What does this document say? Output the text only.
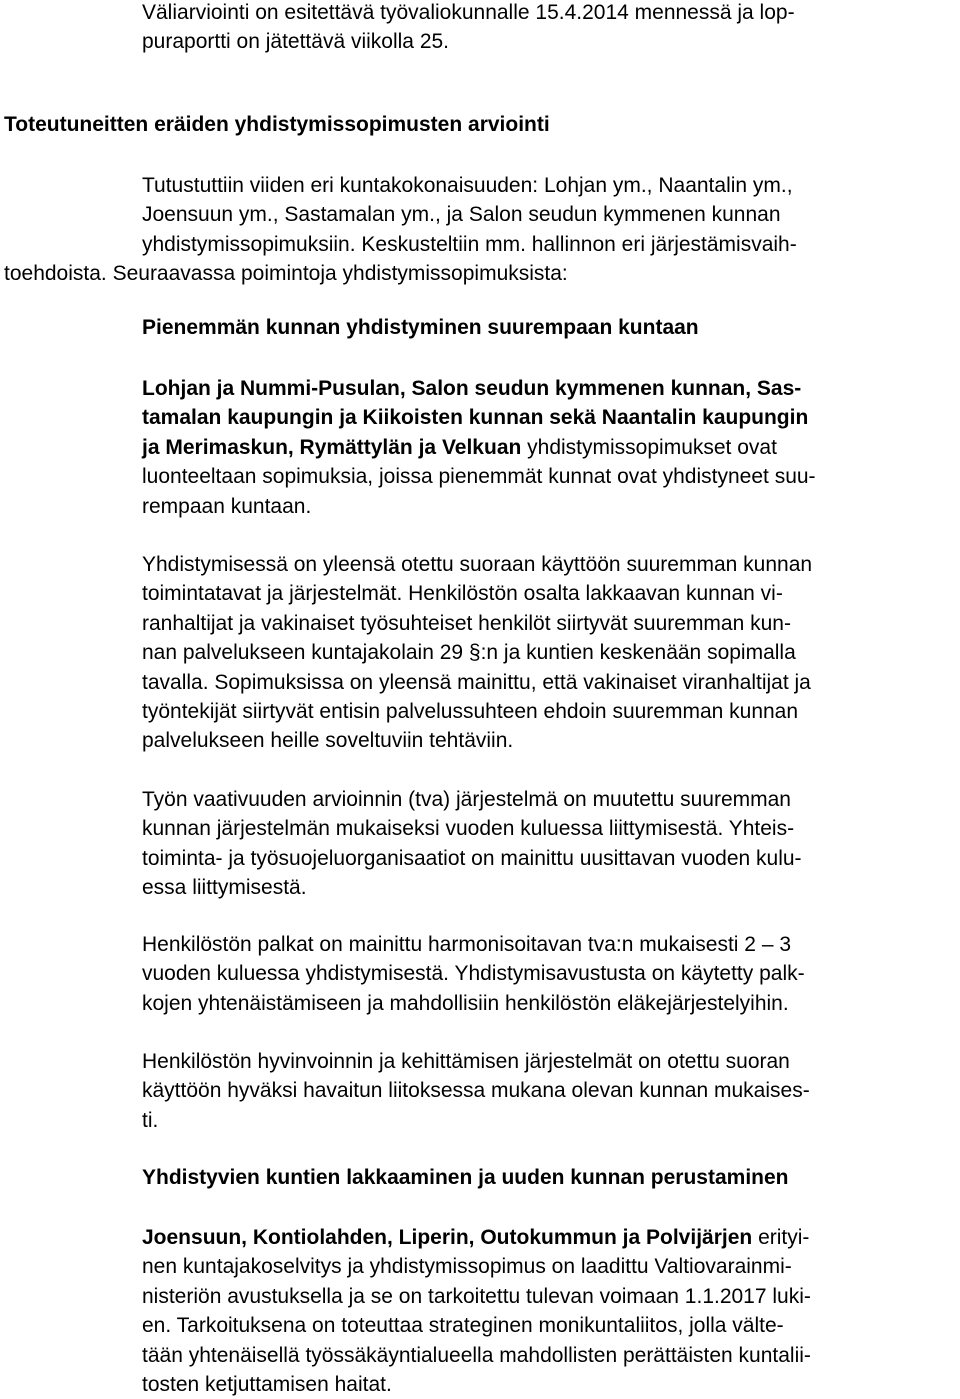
Väliarviointi on esitettävä työvaliokunnalle 15.4.2014 mennessä ja lop-
puraportti on jätettävä viikolla 25.
Toteutuneitten eräiden yhdistymissopimusten arviointi
Tutustuttiin viiden eri kuntakokonaisuuden: Lohjan ym., Naantalin ym.,
Joensuun ym., Sastamalan ym., ja Salon seudun kymmenen kunnan
yhdistymissopimuksiin. Keskusteltiin mm. hallinnon eri järjestämisvaih-
toehdoista. Seuraavassa poimintoja yhdistymissopimuksista:
Pienemmän kunnan yhdistyminen suurempaan kuntaan
Lohjan ja Nummi-Pusulan, Salon seudun kymmenen kunnan, Sas-
tamalan kaupungin ja Kiikoisten kunnan sekä Naantalin kaupungin
ja Merimaskun, Rymättylän ja Velkuan yhdistymissopimukset ovat
luonteeltaan sopimuksia, joissa pienemmät kunnat ovat yhdistyneet suu-
rempaan kuntaan.
Yhdistymisessä on yleensä otettu suoraan käyttöön suuremman kunnan
toimintatavat ja järjestelmät. Henkilöstön osalta lakkaavan kunnan vi-
ranhaltijat ja vakinaiset työsuhteiset henkilöt siirtyvät suuremman kun-
nan palvelukseen kuntajakolain 29 §:n ja kuntien keskenään sopimalla
tavalla. Sopimuksissa on yleensä mainittu, että vakinaiset viranhaltijat ja
työntekijät siirtyvät entisin palvelussuhteen ehdoin suuremman kunnan
palvelukseen heille soveltuviin tehtäviin.
Työn vaativuuden arvioinnin (tva) järjestelmä on muutettu suuremman
kunnan järjestelmän mukaiseksi vuoden kuluessa liittymisestä. Yhteis-
toiminta- ja työsuojeluorganisaatiot on mainittu uusittavan vuoden kulu-
essa liittymisestä.
Henkilöstön palkat on mainittu harmonisoitavan tva:n mukaisesti 2 – 3
vuoden kuluessa yhdistymisestä. Yhdistymisavustusta on käytetty palk-
kojen yhtenäistämiseen ja mahdollisiin henkilöstön eläkejärjestelyihin.
Henkilöstön hyvinvoinnin ja kehittämisen järjestelmät on otettu suoran
käyttöön hyväksi havaitun liitoksessa mukana olevan kunnan mukaises-
ti.
Yhdistyvien kuntien lakkaaminen ja uuden kunnan perustaminen
Joensuun, Kontiolahden, Liperin, Outokummun ja Polvijärjen erityi-
nen kuntajakoselvitys ja yhdistymissopimus on laadittu Valtiovarainmi-
nisteriön avustuksella ja se on tarkoitettu tulevan voimaan 1.1.2017 luki-
en. Tarkoituksena on toteuttaa strateginen monikuntaliitos, jolla välte-
tään yhtenäisellä työssäkäyntialueella mahdollisten perättäisten kuntalii-
tosten ketjuttamisen haitat.
